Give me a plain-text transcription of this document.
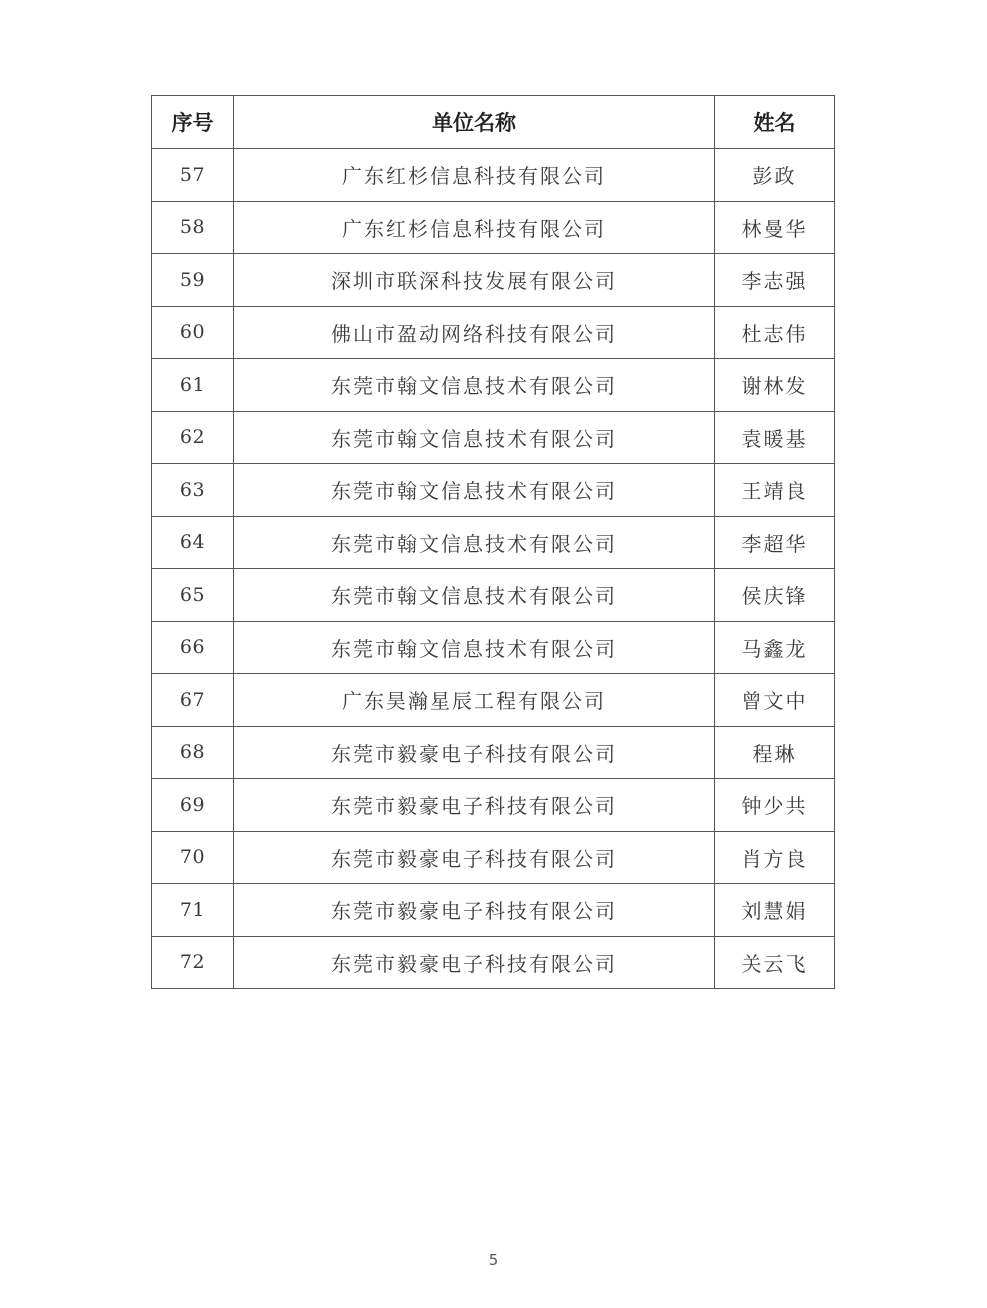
序号	单位名称	姓名
57	广东红杉信息科技有限公司	彭政
58	广东红杉信息科技有限公司	林曼华
59	深圳市联深科技发展有限公司	李志强
60	佛山市盈动网络科技有限公司	杜志伟
61	东莞市翰文信息技术有限公司	谢林发
62	东莞市翰文信息技术有限公司	袁暖基
63	东莞市翰文信息技术有限公司	王靖良
64	东莞市翰文信息技术有限公司	李超华
65	东莞市翰文信息技术有限公司	侯庆锋
66	东莞市翰文信息技术有限公司	马鑫龙
67	广东昊瀚星辰工程有限公司	曾文中
68	东莞市毅豪电子科技有限公司	程琳
69	东莞市毅豪电子科技有限公司	钟少共
70	东莞市毅豪电子科技有限公司	肖方良
71	东莞市毅豪电子科技有限公司	刘慧娟
72	东莞市毅豪电子科技有限公司	关云飞
5
